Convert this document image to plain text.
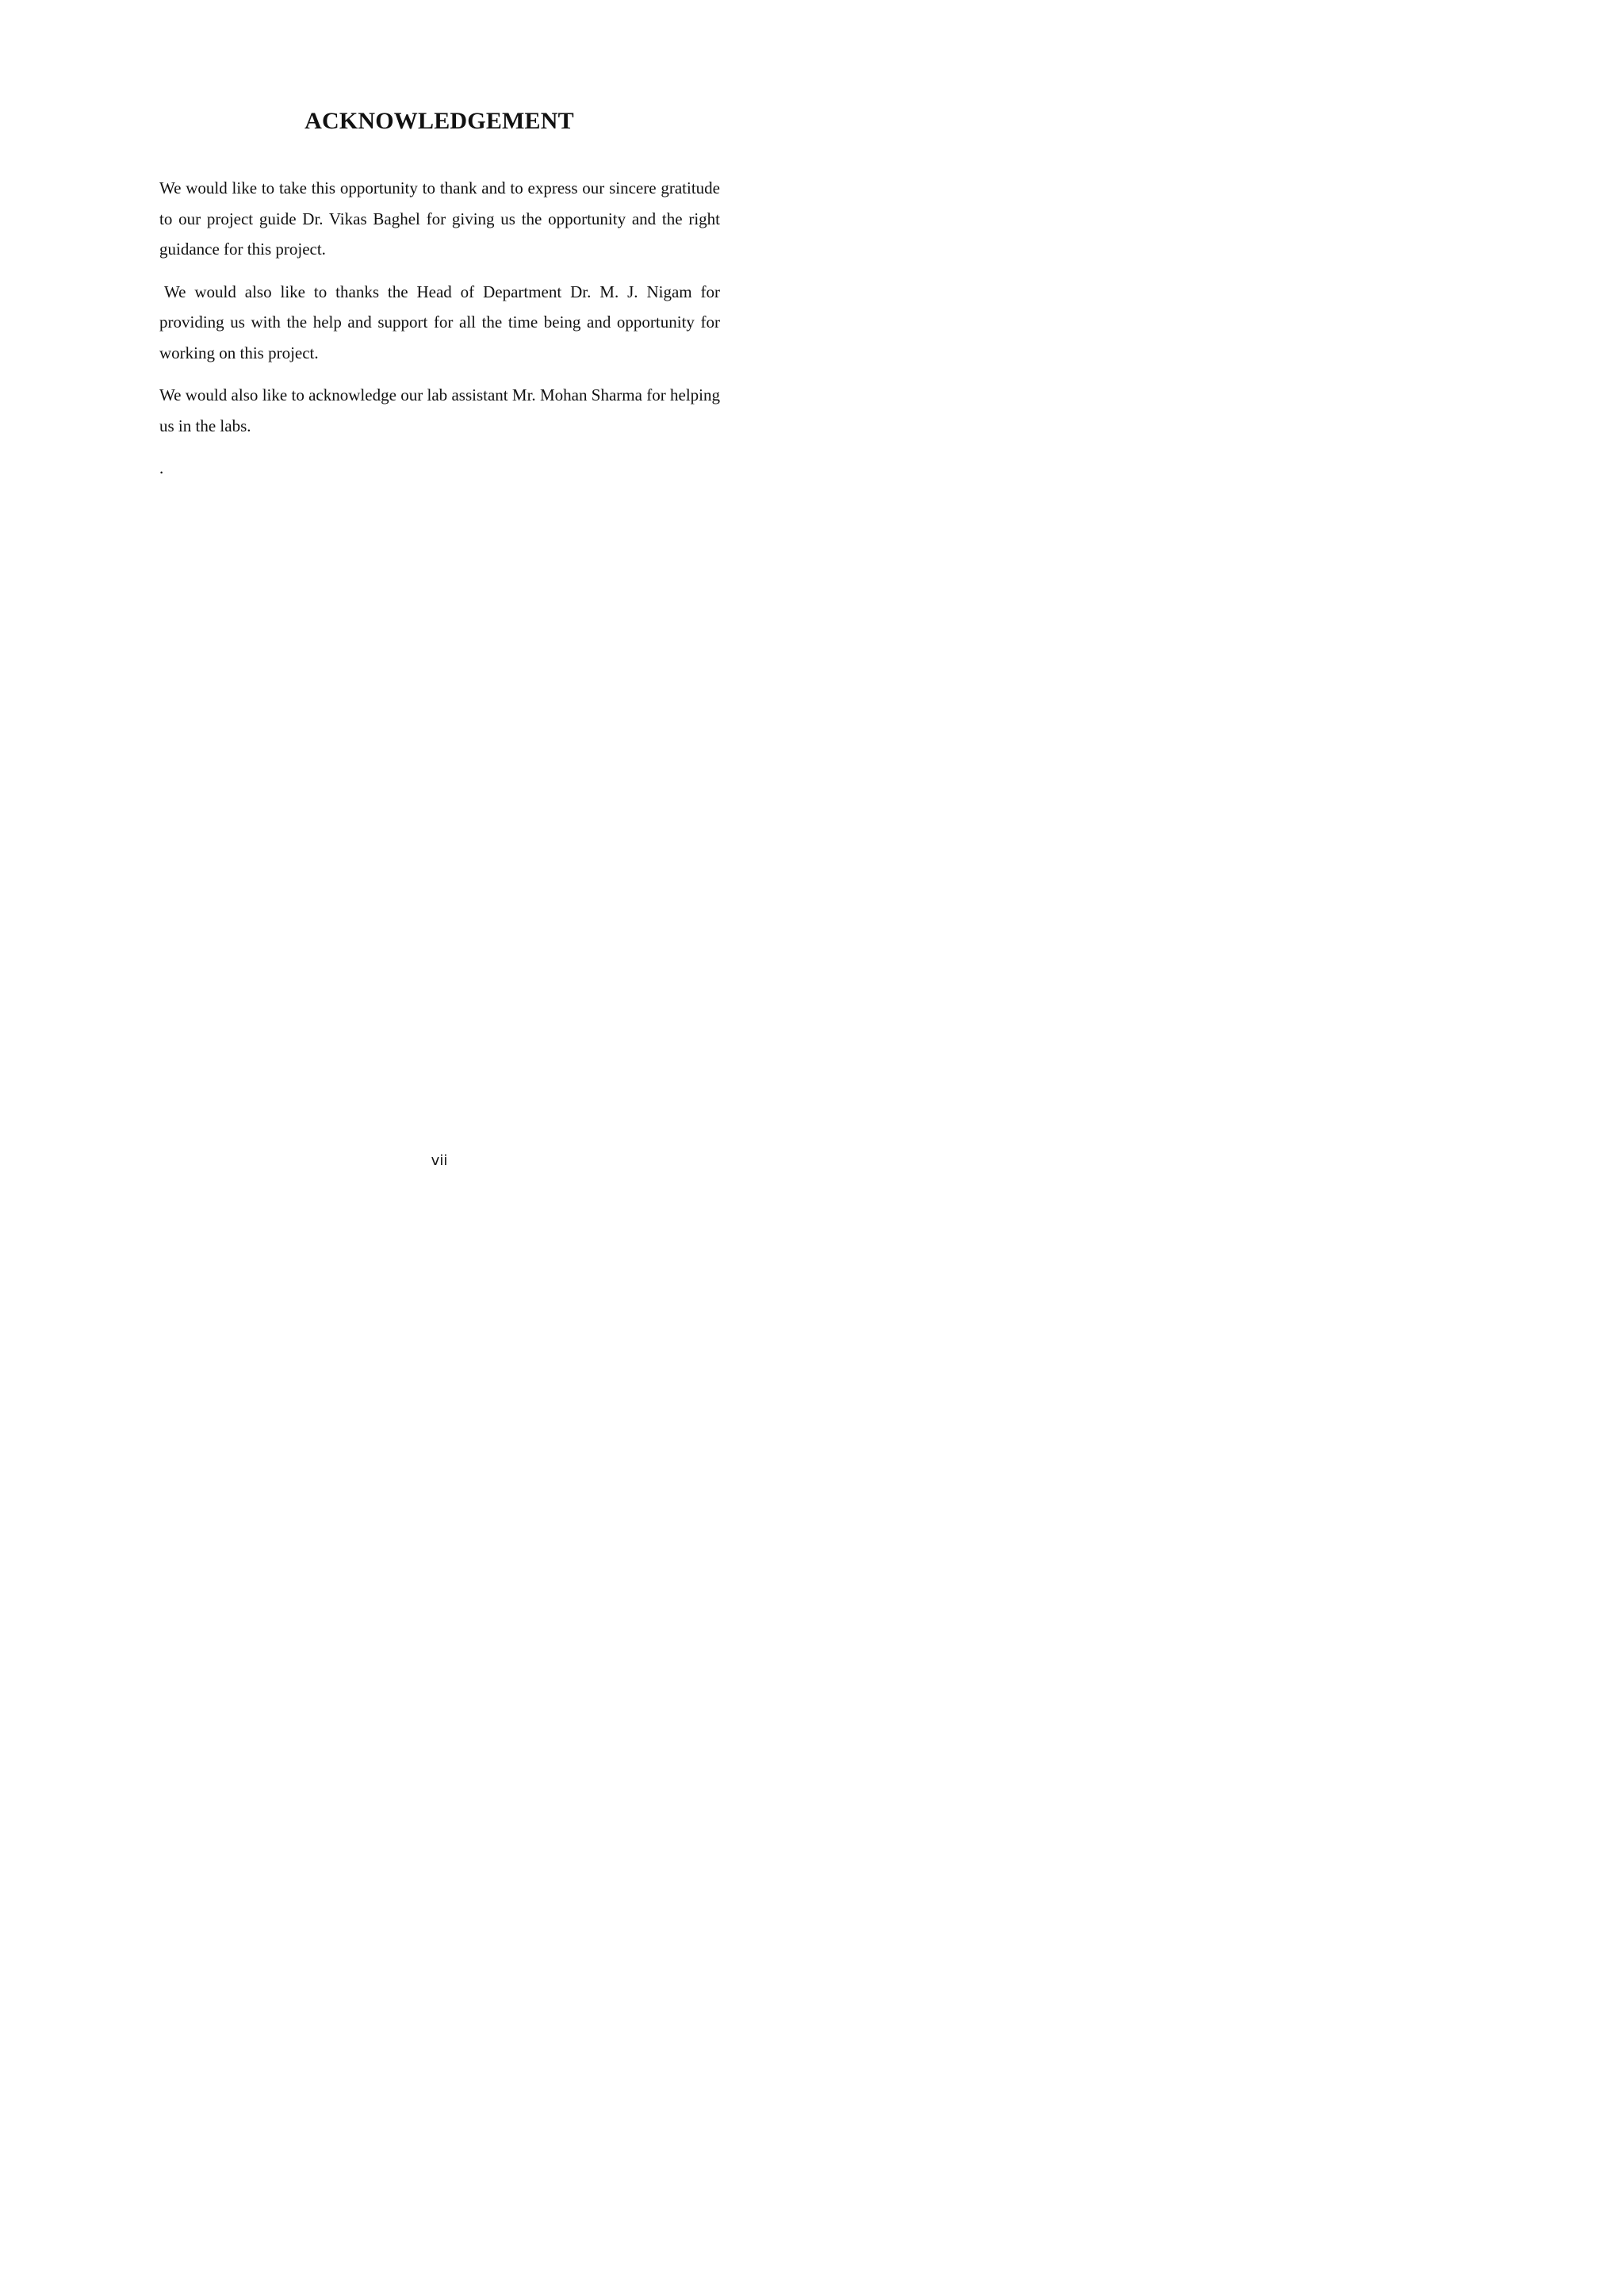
ACKNOWLEDGEMENT

We would like to take this opportunity to thank and to express our sincere gratitude to our project guide Dr. Vikas Baghel for giving us the opportunity and the right guidance for this project.

We would also like to thanks the Head of Department Dr. M. J. Nigam for providing us with the help and support for all the time being and opportunity for working on this project.

We would also like to acknowledge our lab assistant Mr. Mohan Sharma for helping us in the labs.

.

vii
